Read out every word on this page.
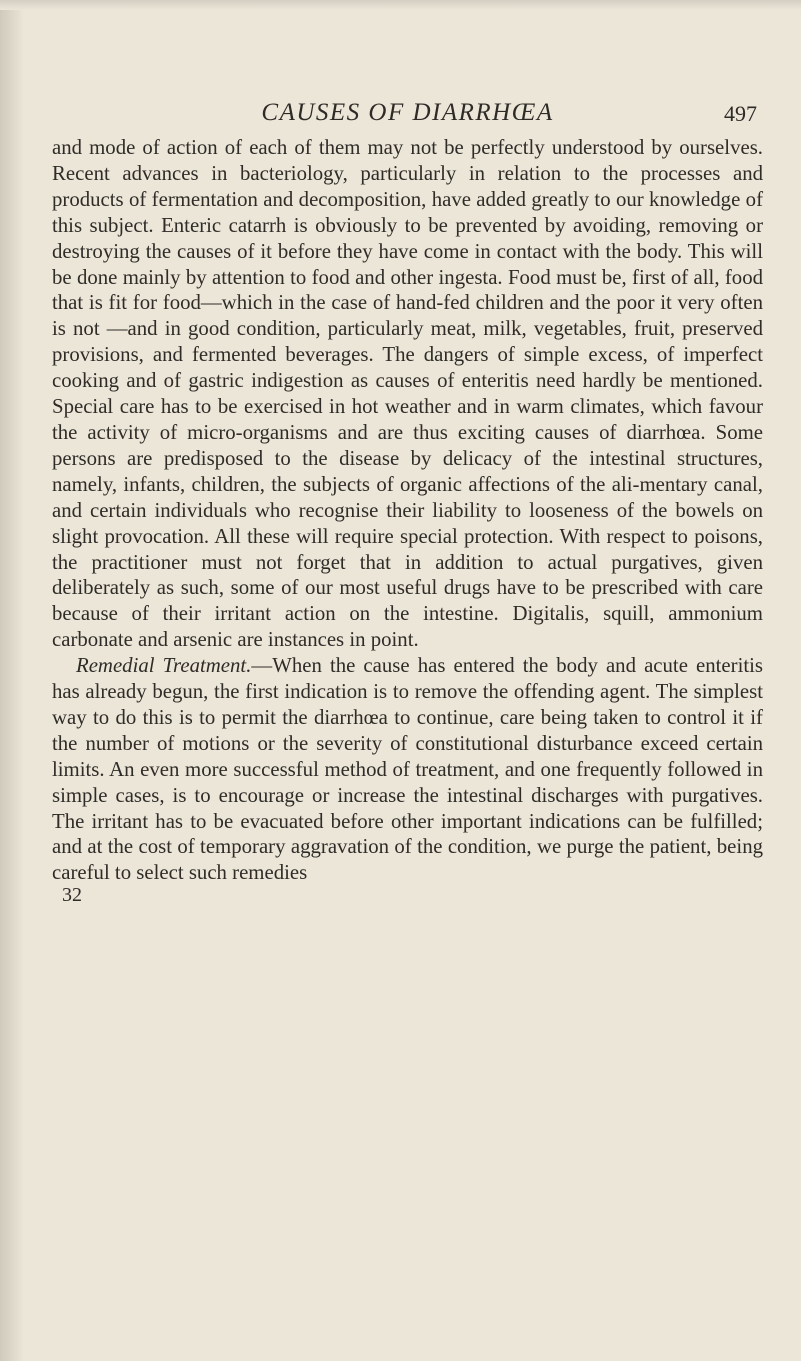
CAUSES OF DIARRHŒA	497

and mode of action of each of them may not be perfectly understood by ourselves. Recent advances in bacteriology, particularly in relation to the processes and products of fermentation and decomposition, have added greatly to our knowledge of this subject. Enteric catarrh is obviously to be prevented by avoiding, removing or destroying the causes of it before they have come in contact with the body. This will be done mainly by attention to food and other ingesta. Food must be, first of all, food that is fit for food—which in the case of hand-fed children and the poor it very often is not —and in good condition, particularly meat, milk, vegetables, fruit, preserved provisions, and fermented beverages. The dangers of simple excess, of imperfect cooking and of gastric indigestion as causes of enteritis need hardly be mentioned. Special care has to be exercised in hot weather and in warm climates, which favour the activity of micro-organisms and are thus exciting causes of diarrhœa. Some persons are predisposed to the disease by delicacy of the intestinal structures, namely, infants, children, the subjects of organic affections of the ali-mentary canal, and certain individuals who recognise their liability to looseness of the bowels on slight provocation. All these will require special protection. With respect to poisons, the practitioner must not forget that in addition to actual purgatives, given deliberately as such, some of our most useful drugs have to be prescribed with care because of their irritant action on the intestine. Digitalis, squill, ammonium carbonate and arsenic are instances in point.

Remedial Treatment.—When the cause has entered the body and acute enteritis has already begun, the first indication is to remove the offending agent. The simplest way to do this is to permit the diarrhœa to continue, care being taken to control it if the number of motions or the severity of constitutional disturbance exceed certain limits. An even more successful method of treatment, and one frequently followed in simple cases, is to encourage or increase the intestinal discharges with purgatives. The irritant has to be evacuated before other important indications can be fulfilled; and at the cost of temporary aggravation of the condition, we purge the patient, being careful to select such remedies

32
